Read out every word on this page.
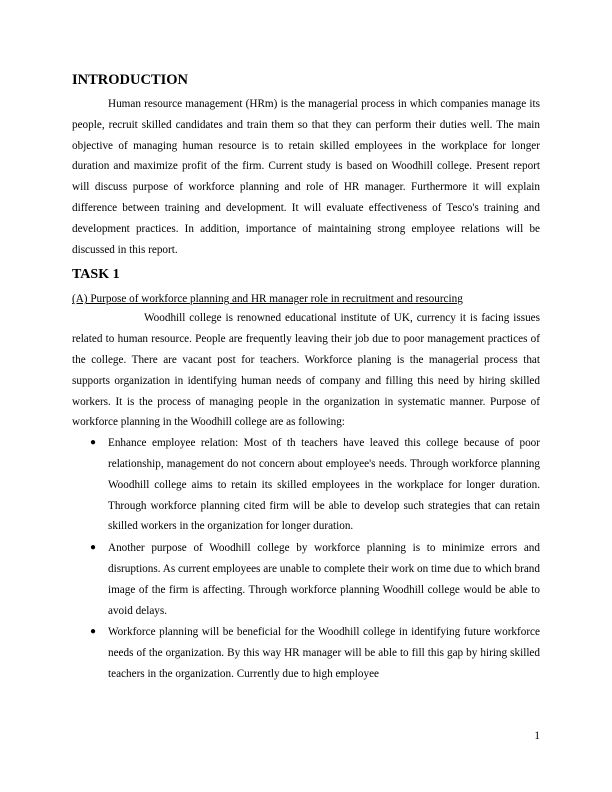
INTRODUCTION

Human resource management (HRm) is the managerial process in which companies manage its people, recruit skilled candidates and train them so that they can perform their duties well. The main objective of managing human resource is to retain skilled employees in the workplace for longer duration and maximize profit of the firm. Current study is based on Woodhill college. Present report will discuss purpose of workforce planning and role of HR manager. Furthermore it will explain difference between training and development. It will evaluate effectiveness of Tesco's training and development practices. In addition, importance of maintaining strong employee relations will be discussed in this report.

TASK 1
(A) Purpose of workforce planning and HR manager role in recruitment and resourcing

Woodhill college is renowned educational institute of UK, currency it is facing issues related to human resource. People are frequently leaving their job due to poor management practices of the college. There are vacant post for teachers. Workforce planing is the managerial process that supports organization in identifying human needs of company and filling this need by hiring skilled workers. It is the process of managing people in the organization in systematic manner. Purpose of workforce planning in the Woodhill college are as following:

● Enhance employee relation: Most of th teachers have leaved this college because of poor relationship, management do not concern about employee's needs. Through workforce planning Woodhill college aims to retain its skilled employees in the workplace for longer duration. Through workforce planning cited firm will be able to develop such strategies that can retain skilled workers in the organization for longer duration.
● Another purpose of Woodhill college by workforce planning is to minimize errors and disruptions. As current employees are unable to complete their work on time due to which brand image of the firm is affecting. Through workforce planning Woodhill college would be able to avoid delays.
● Workforce planning will be beneficial for the Woodhill college in identifying future workforce needs of the organization. By this way HR manager will be able to fill this gap by hiring skilled teachers in the organization. Currently due to high employee
1
